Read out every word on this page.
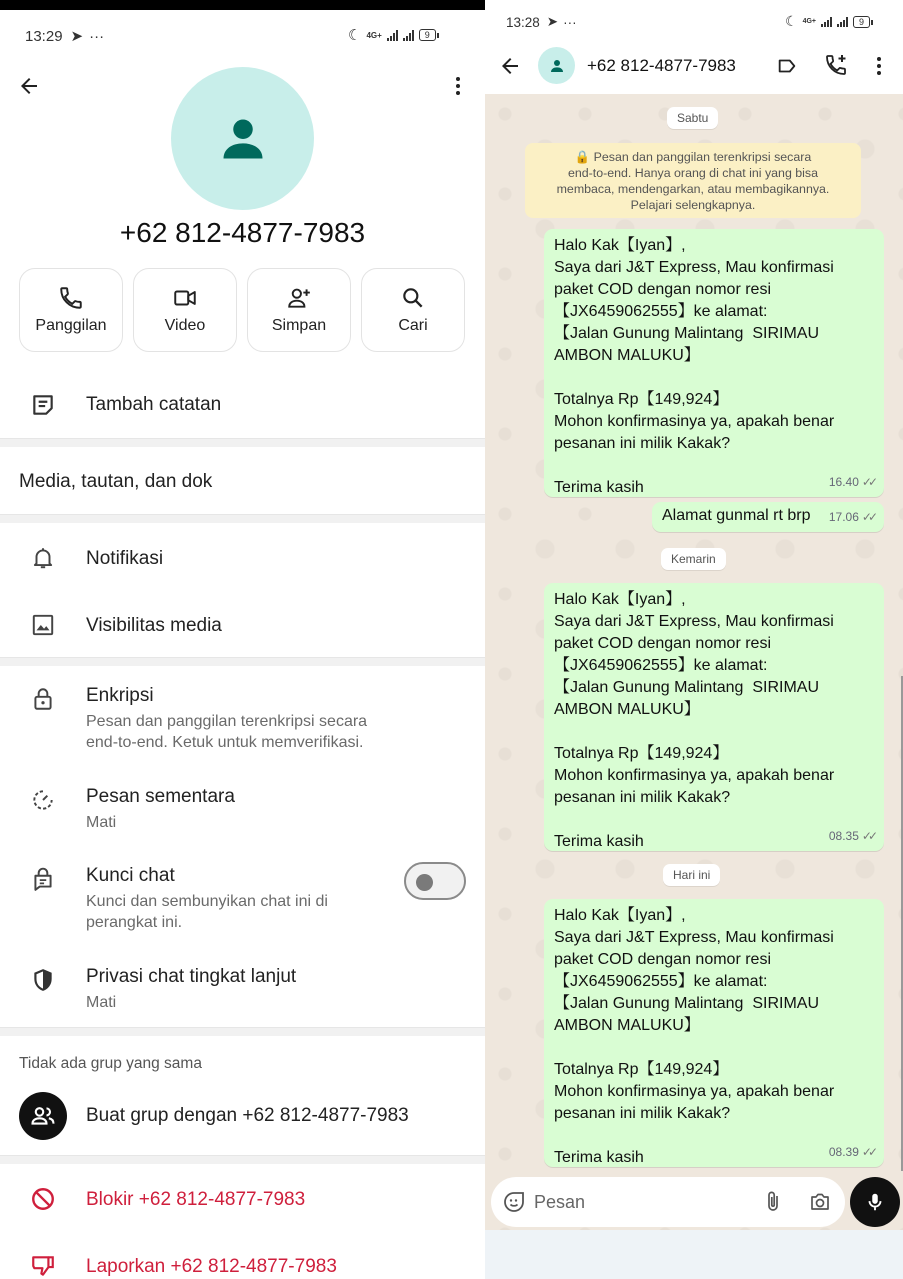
13:29 ➤ ···	☾ 4G+	9
+62 812-4877-7983
Panggilan	Video	Simpan	Cari
Tambah catatan
Media, tautan, dan dok
Notifikasi
Visibilitas media
Enkripsi
Pesan dan panggilan terenkripsi secara
end-to-end. Ketuk untuk memverifikasi.
Pesan sementara
Mati
Kunci chat
Kunci dan sembunyikan chat ini di
perangkat ini.
Privasi chat tingkat lanjut
Mati
Tidak ada grup yang sama
Buat grup dengan +62 812-4877-7983
Blokir +62 812-4877-7983
Laporkan +62 812-4877-7983
13:28 ➤ ···	☾ 4G+	9
+62 812-4877-7983
Sabtu
🔒 Pesan dan panggilan terenkripsi secara
end-to-end. Hanya orang di chat ini yang bisa
membaca, mendengarkan, atau membagikannya.
Pelajari selengkapnya.
Halo Kak【Iyan】,
Saya dari J&T Express, Mau konfirmasi
paket COD dengan nomor resi
【JX6459062555】ke alamat:
【Jalan Gunung Malintang  SIRIMAU
AMBON MALUKU】
Totalnya Rp【149,924】
Mohon konfirmasinya ya, apakah benar
pesanan ini milik Kakak?
Terima kasih	16.40 ✓✓
Alamat gunmal rt brp 17.06 ✓✓
Kemarin
Halo Kak【Iyan】,
Saya dari J&T Express, Mau konfirmasi
paket COD dengan nomor resi
【JX6459062555】ke alamat:
【Jalan Gunung Malintang  SIRIMAU
AMBON MALUKU】
Totalnya Rp【149,924】
Mohon konfirmasinya ya, apakah benar
pesanan ini milik Kakak?
Terima kasih	08.35 ✓✓
Hari ini
Halo Kak【Iyan】,
Saya dari J&T Express, Mau konfirmasi
paket COD dengan nomor resi
【JX6459062555】ke alamat:
【Jalan Gunung Malintang  SIRIMAU
AMBON MALUKU】
Totalnya Rp【149,924】
Mohon konfirmasinya ya, apakah benar
pesanan ini milik Kakak?
Terima kasih	08.39 ✓✓
Pesan
